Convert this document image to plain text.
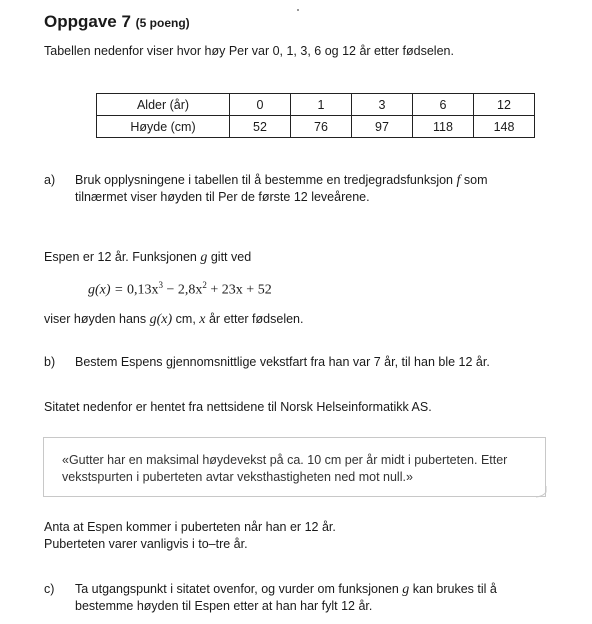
Oppgave 7 (5 poeng)
Tabellen nedenfor viser hvor høy Per var 0, 1, 3, 6 og 12 år etter fødselen.
Alder (år)	0	1	3	6	12
Høyde (cm)	52	76	97	118	148
a) Bruk opplysningene i tabellen til å bestemme en tredjegradsfunksjon f som
tilnærmet viser høyden til Per de første 12 leveårene.
Espen er 12 år. Funksjonen g gitt ved
$g(x) = 0,13x^3 - 2,8x^2 + 23x + 52$
viser høyden hans g(x) cm, x år etter fødselen.
b) Bestem Espens gjennomsnittlige vekstfart fra han var 7 år, til han ble 12 år.
Sitatet nedenfor er hentet fra nettsidene til Norsk Helseinformatikk AS.
«Gutter har en maksimal høydevekst på ca. 10 cm per år midt i puberteten. Etter
vekstspurten i puberteten avtar veksthastigheten ned mot null.»
Anta at Espen kommer i puberteten når han er 12 år.
Puberteten varer vanligvis i to–tre år.
c) Ta utgangspunkt i sitatet ovenfor, og vurder om funksjonen g kan brukes til å
bestemme høyden til Espen etter at han har fylt 12 år.
